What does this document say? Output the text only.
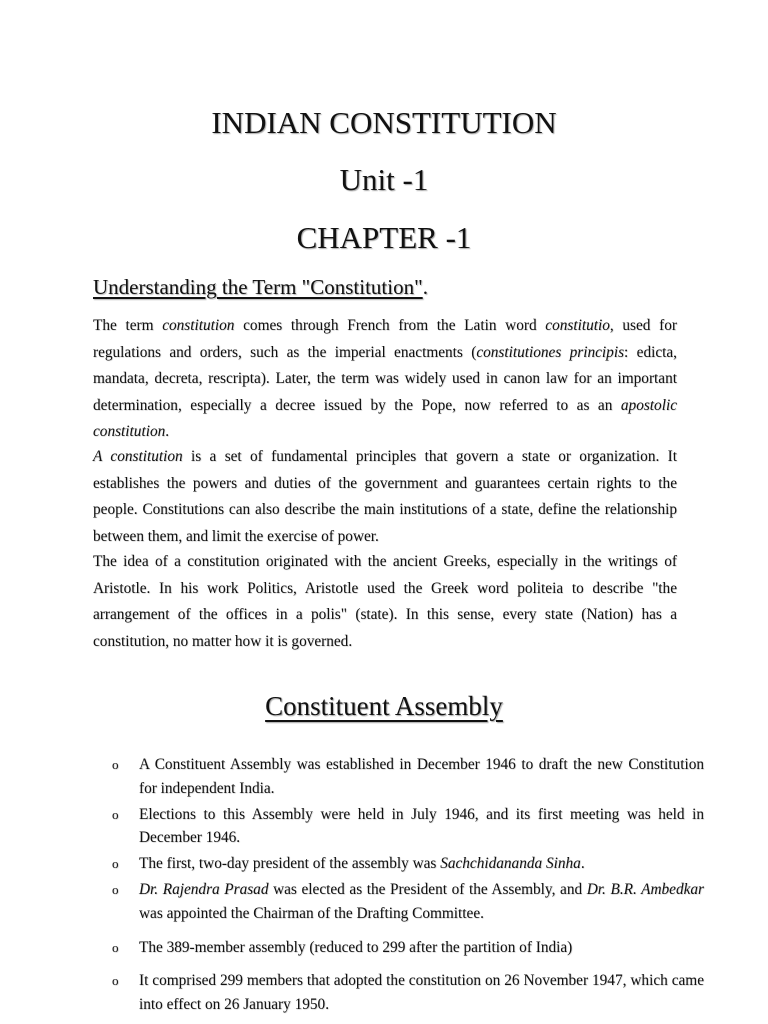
INDIAN CONSTITUTION
Unit -1
CHAPTER -1
Understanding the Term "Constitution".

The term constitution comes through French from the Latin word constitutio, used for regulations and orders, such as the imperial enactments (constitutiones principis: edicta, mandata, decreta, rescripta). Later, the term was widely used in canon law for an important determination, especially a decree issued by the Pope, now referred to as an apostolic constitution.

A constitution is a set of fundamental principles that govern a state or organization. It establishes the powers and duties of the government and guarantees certain rights to the people. Constitutions can also describe the main institutions of a state, define the relationship between them, and limit the exercise of power.

The idea of a constitution originated with the ancient Greeks, especially in the writings of Aristotle. In his work Politics, Aristotle used the Greek word politeia to describe "the arrangement of the offices in a polis" (state). In this sense, every state (Nation) has a constitution, no matter how it is governed.

Constituent Assembly
o A Constituent Assembly was established in December 1946 to draft the new Constitution for independent India.
o Elections to this Assembly were held in July 1946, and its first meeting was held in December 1946.
o The first, two-day president of the assembly was Sachchidananda Sinha.
o Dr. Rajendra Prasad was elected as the President of the Assembly, and Dr. B.R. Ambedkar was appointed the Chairman of the Drafting Committee.
o The 389-member assembly (reduced to 299 after the partition of India)
o It comprised 299 members that adopted the constitution on 26 November 1947, which came into effect on 26 January 1950.
